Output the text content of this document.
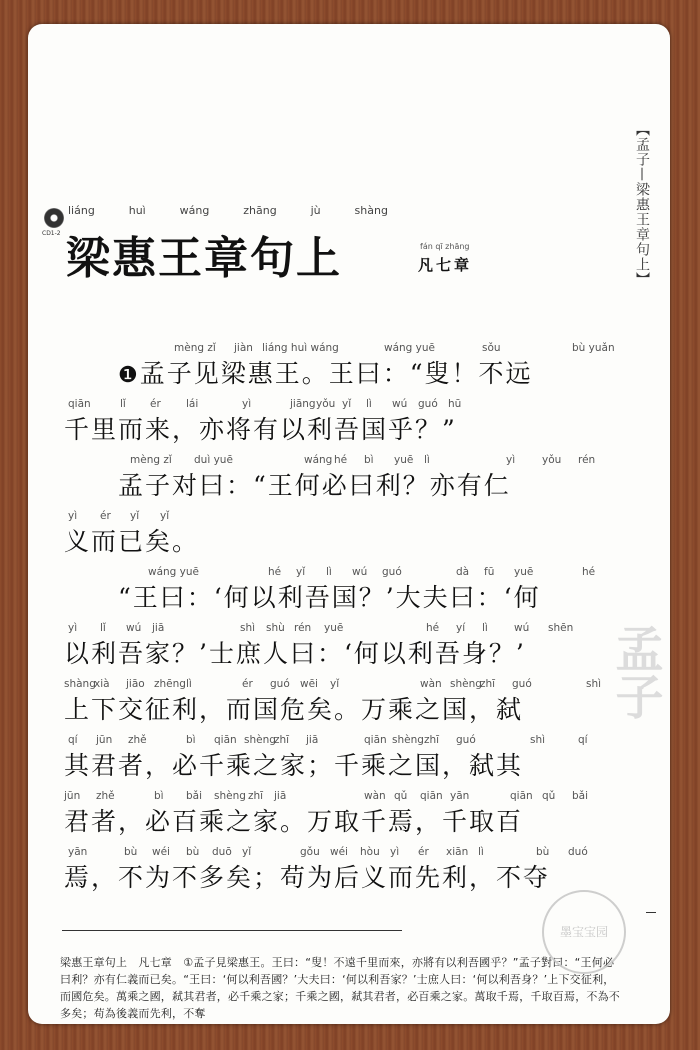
【孟子—梁惠王章句上】
CD1-2
liáng	huì	wáng	zhāng	jù	shàng
梁惠王章句上	fán qī zhāng
凡七章
孟子
mèng zǐ jiàn liáng huì wáng	wáng yuē	sǒu	bù yuǎn
　　❶孟子见梁惠王。王曰：“叟！不远
qiān	lǐ ér lái	yì	jiāng yǒu yǐ lì wú guó hū
千里而来，亦将有以利吾国乎？”
mèng zǐ duì yuē	wáng hé bì yuē lì	yì	yǒu rén
　　孟子对曰：“王何必曰利？亦有仁
yì ér yǐ yǐ
义而已矣。
wáng yuē	hé yǐ lì wú guó	dà fū yuē	hé
　　“王曰：‘何以利吾国？’大夫曰：‘何
yì lǐ wú jiā	shì shù rén yuē	hé yí lì wú shēn
以利吾家？’士庶人曰：‘何以利吾身？’
shàng
xià jiāo zhēng lì	ér guó wēi yǐ	wàn shèng
zhī guó	shì
上下交征利，而国危矣。万乘之国，弑
qí jūn zhě	bì qiān shèng
zhī jiā	qiān shèng zhī guó	shì	qí
其君者，必千乘之家；千乘之国，弑其
jūn zhě	bì bǎi shèng zhī jiā	wàn qǔ qiān yān	qiān qǔ bǎi
君者，必百乘之家。万取千焉，千取百
yān	bù wéi bù duō yǐ	gǒu wéi hòu yì ér xiān lì	bù duó
焉，不为不多矣；苟为后义而先利，不夺
梁惠王章句上　凡七章　①孟子見梁惠王。王曰：“叟！不遠千里而來，亦將有以利吾國乎？”孟子對曰：“王何必曰利？亦有仁義而已矣。“王曰：‘何以利吾國？’大夫曰：‘何以利吾家？’士庶人曰：‘何以利吾身？’上下交征利，而國危矣。萬乘之國，弒其君者，必千乘之家；千乘之國，弒其君者，必百乘之家。萬取千焉，千取百焉，不為不多矣；苟為後義而先利，不奪
墨宝宝园
